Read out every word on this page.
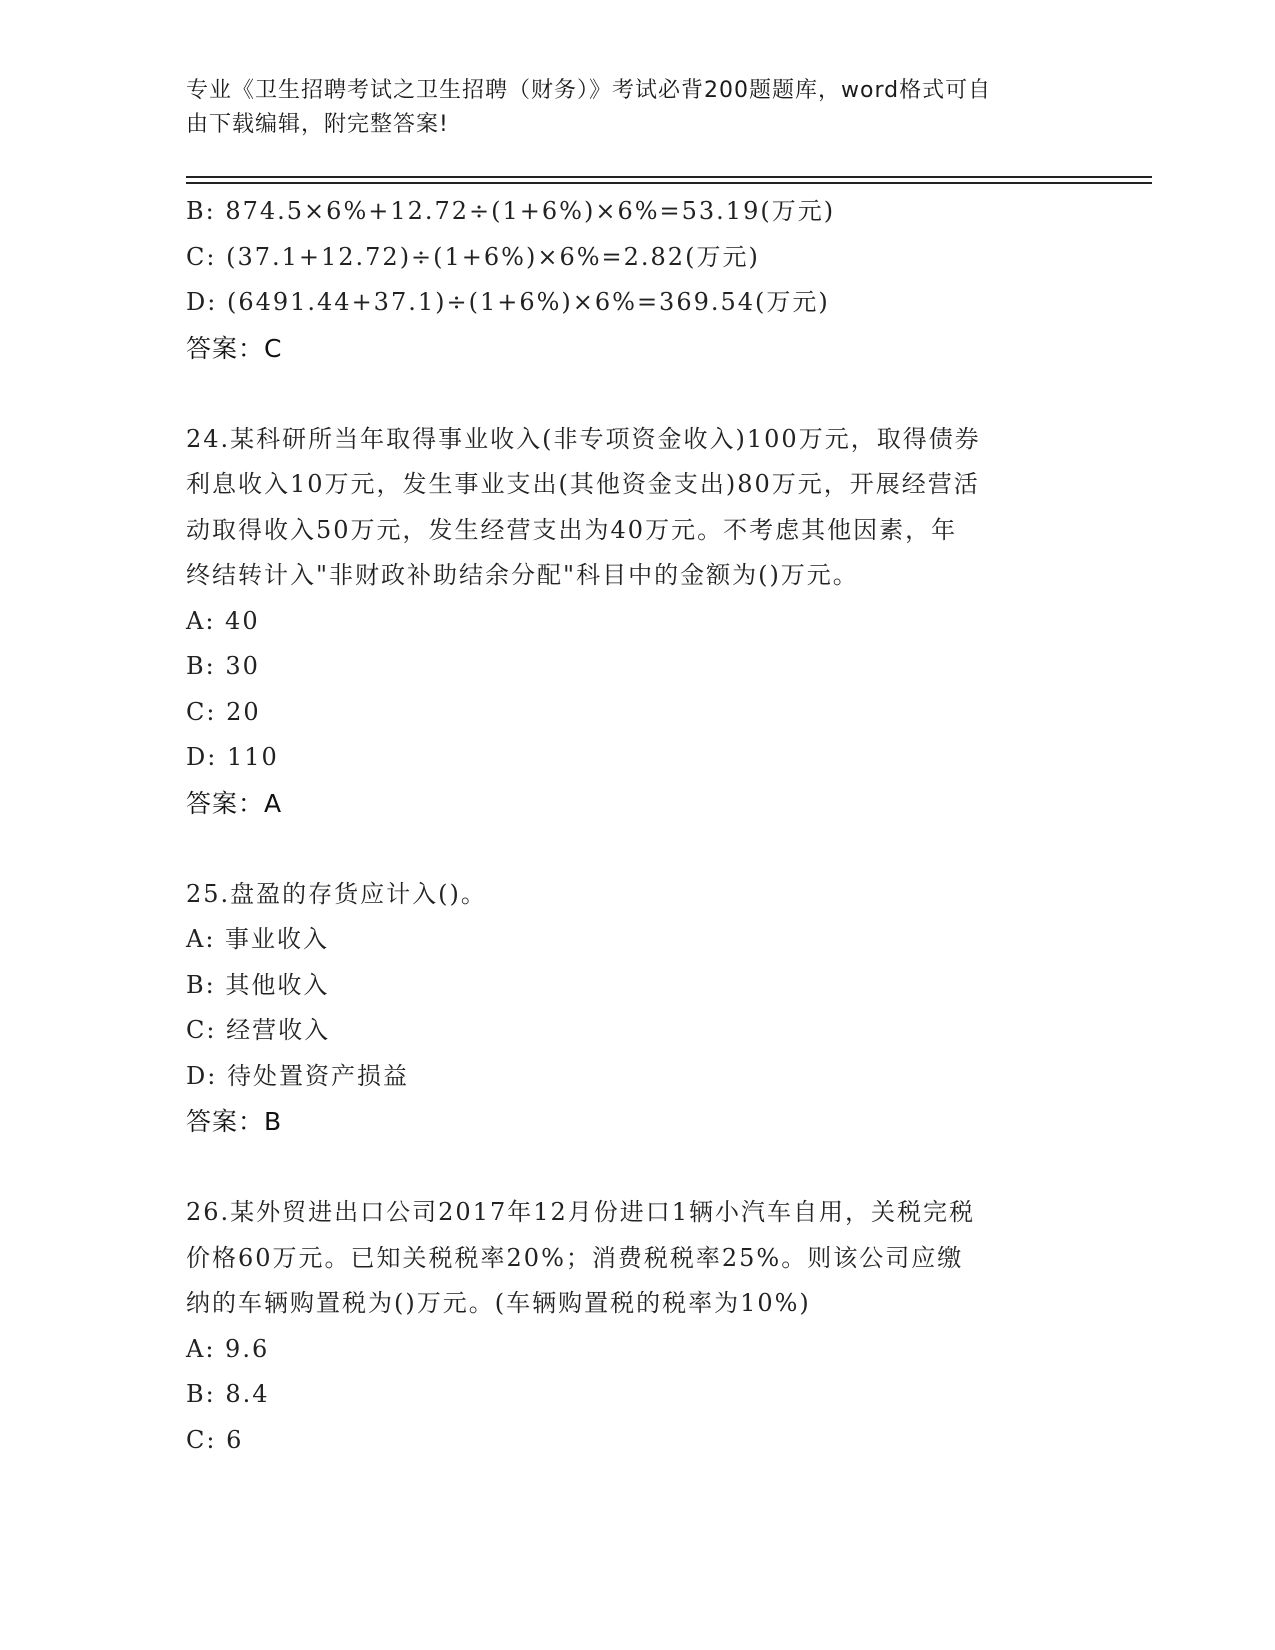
专业《卫生招聘考试之卫生招聘（财务）》考试必背200题题库，word格式可自
由下载编辑，附完整答案!
B: 874.5×6%+12.72÷(1+6%)×6%=53.19(万元)
C: (37.1+12.72)÷(1+6%)×6%=2.82(万元)
D: (6491.44+37.1)÷(1+6%)×6%=369.54(万元)
答案：C
24.某科研所当年取得事业收入(非专项资金收入)100万元，取得债券
利息收入10万元，发生事业支出(其他资金支出)80万元，开展经营活
动取得收入50万元，发生经营支出为40万元。不考虑其他因素，年
终结转计入"非财政补助结余分配"科目中的金额为()万元。
A: 40
B: 30
C: 20
D: 110
答案：A
25.盘盈的存货应计入()。
A: 事业收入
B: 其他收入
C: 经营收入
D: 待处置资产损益
答案：B
26.某外贸进出口公司2017年12月份进口1辆小汽车自用，关税完税
价格60万元。已知关税税率20%；消费税税率25%。则该公司应缴
纳的车辆购置税为()万元。(车辆购置税的税率为10%)
A: 9.6
B: 8.4
C: 6
